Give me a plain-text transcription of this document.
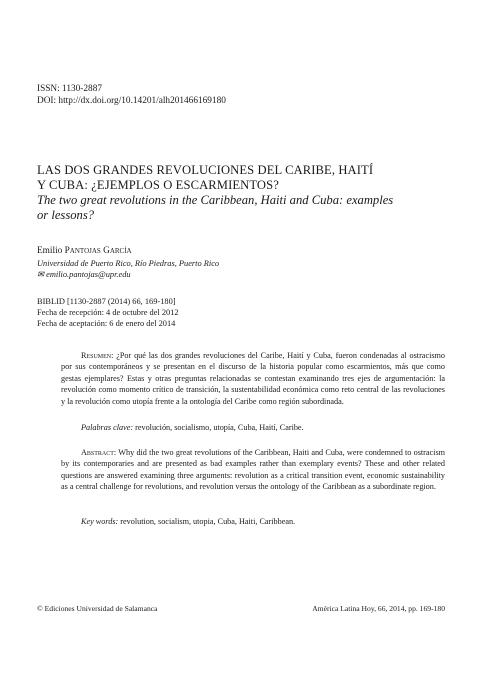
ISSN: 1130-2887
DOI: http://dx.doi.org/10.14201/alh201466169180
LAS DOS GRANDES REVOLUCIONES DEL CARIBE, HAITÍ
Y CUBA: ¿EJEMPLOS O ESCARMIENTOS?
The two great revolutions in the Caribbean, Haiti and Cuba: examples
or lessons?
Emilio Pantojas García
Universidad de Puerto Rico, Río Piedras, Puerto Rico
✉ emilio.pantojas@upr.edu
BIBLID [1130-2887 (2014) 66, 169-180]
Fecha de recepción: 4 de octubre del 2012
Fecha de aceptación: 6 de enero del 2014

Resumen: ¿Por qué las dos grandes revoluciones del Caribe, Haití y Cuba, fueron condenadas al ostracismo por sus contemporáneos y se presentan en el discurso de la historia popular como escarmientos, más que como gestas ejemplares? Estas y otras preguntas relacionadas se contestan examinando tres ejes de argumentación: la revolución como momento crítico de transición, la sustentabilidad económica como reto central de las revoluciones y la revolución como utopía frente a la ontología del Caribe como región subordinada.

Palabras clave: revolución, socialismo, utopía, Cuba, Haití, Caribe.

Abstract: Why did the two great revolutions of the Caribbean, Haiti and Cuba, were condemned to ostracism by its contemporaries and are presented as bad examples rather than exemplary events? These and other related questions are answered examining three arguments: revolution as a critical transition event, economic sustainability as a central challenge for revolutions, and revolution versus the ontology of the Caribbean as a subordinate region.

Key words: revolution, socialism, utopia, Cuba, Haiti, Caribbean.
© Ediciones Universidad de Salamanca	América Latina Hoy, 66, 2014, pp. 169-180
